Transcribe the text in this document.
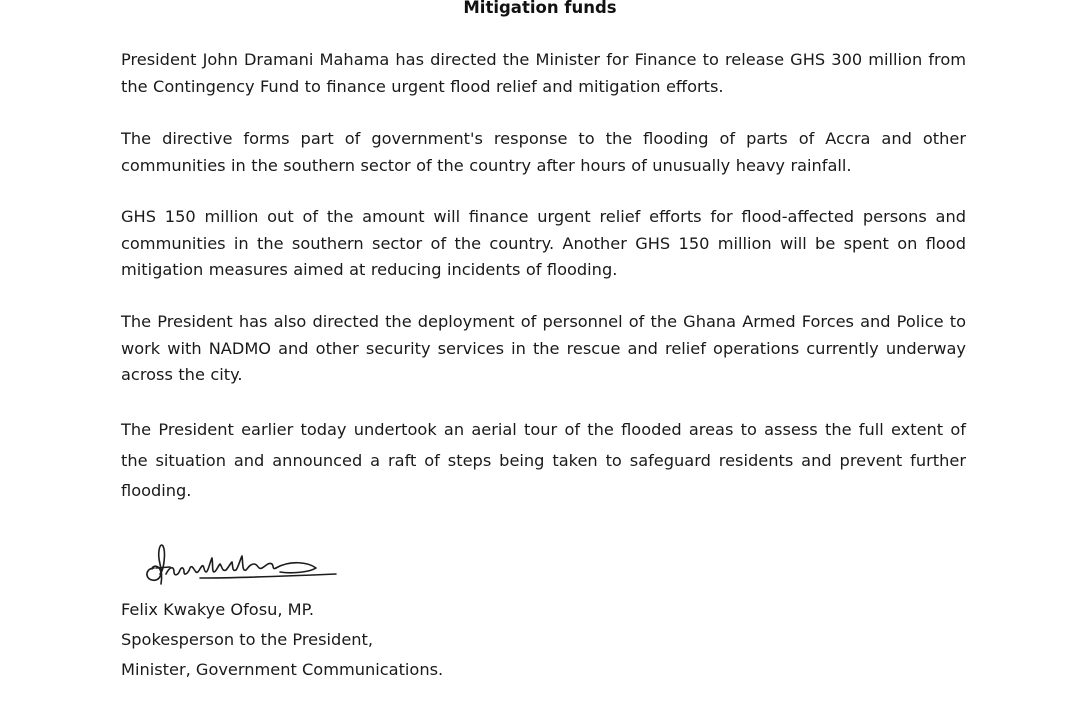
Mitigation funds

President John Dramani Mahama has directed the Minister for Finance to release GHS 300 million from the Contingency Fund to finance urgent flood relief and mitigation efforts.

The directive forms part of government's response to the flooding of parts of Accra and other communities in the southern sector of the country after hours of unusually heavy rainfall.

GHS 150 million out of the amount will finance urgent relief efforts for flood-affected persons and communities in the southern sector of the country. Another GHS 150 million will be spent on flood mitigation measures aimed at reducing incidents of flooding.

The President has also directed the deployment of personnel of the Ghana Armed Forces and Police to work with NADMO and other security services in the rescue and relief operations currently underway across the city.

The President earlier today undertook an aerial tour of the flooded areas to assess the full extent of the situation and announced a raft of steps being taken to safeguard residents and prevent further flooding.

Felix Kwakye Ofosu, MP.
Spokesperson to the President,
Minister, Government Communications.
